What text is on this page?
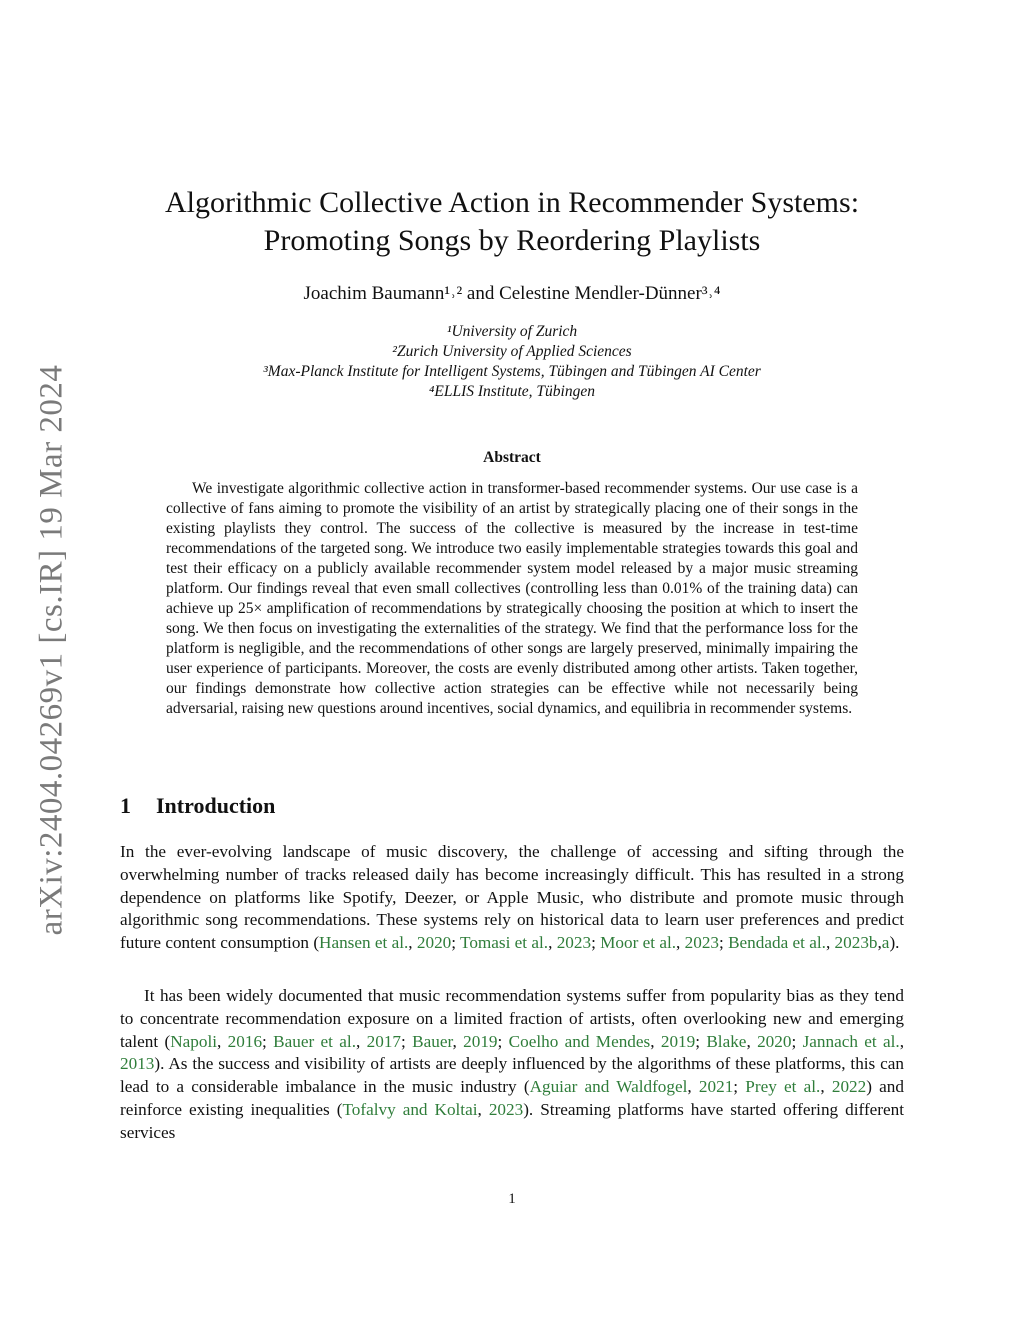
arXiv:2404.04269v1 [cs.IR] 19 Mar 2024
Algorithmic Collective Action in Recommender Systems:
Promoting Songs by Reordering Playlists
Joachim Baumann¹˒² and Celestine Mendler-Dünner³˒⁴
¹University of Zurich
²Zurich University of Applied Sciences
³Max-Planck Institute for Intelligent Systems, Tübingen and Tübingen AI Center
⁴ELLIS Institute, Tübingen
Abstract
We investigate algorithmic collective action in transformer-based recommender systems. Our use case is a collective of fans aiming to promote the visibility of an artist by strategically placing one of their songs in the existing playlists they control. The success of the collective is measured by the increase in test-time recommendations of the targeted song. We introduce two easily implementable strategies towards this goal and test their efficacy on a publicly available recommender system model released by a major music streaming platform. Our findings reveal that even small collectives (controlling less than 0.01% of the training data) can achieve up 25× amplification of recommendations by strategically choosing the position at which to insert the song. We then focus on investigating the externalities of the strategy. We find that the performance loss for the platform is negligible, and the recommendations of other songs are largely preserved, minimally impairing the user experience of participants. Moreover, the costs are evenly distributed among other artists. Taken together, our findings demonstrate how collective action strategies can be effective while not necessarily being adversarial, raising new questions around incentives, social dynamics, and equilibria in recommender systems.
1 Introduction
In the ever-evolving landscape of music discovery, the challenge of accessing and sifting through the overwhelming number of tracks released daily has become increasingly difficult. This has resulted in a strong dependence on platforms like Spotify, Deezer, or Apple Music, who distribute and promote music through algorithmic song recommendations. These systems rely on historical data to learn user preferences and predict future content consumption (Hansen et al., 2020; Tomasi et al., 2023; Moor et al., 2023; Bendada et al., 2023b,a).
It has been widely documented that music recommendation systems suffer from popularity bias as they tend to concentrate recommendation exposure on a limited fraction of artists, often overlooking new and emerging talent (Napoli, 2016; Bauer et al., 2017; Bauer, 2019; Coelho and Mendes, 2019; Blake, 2020; Jannach et al., 2013). As the success and visibility of artists are deeply influenced by the algorithms of these platforms, this can lead to a considerable imbalance in the music industry (Aguiar and Waldfogel, 2021; Prey et al., 2022) and reinforce existing inequalities (Tofalvy and Koltai, 2023). Streaming platforms have started offering different services
1
